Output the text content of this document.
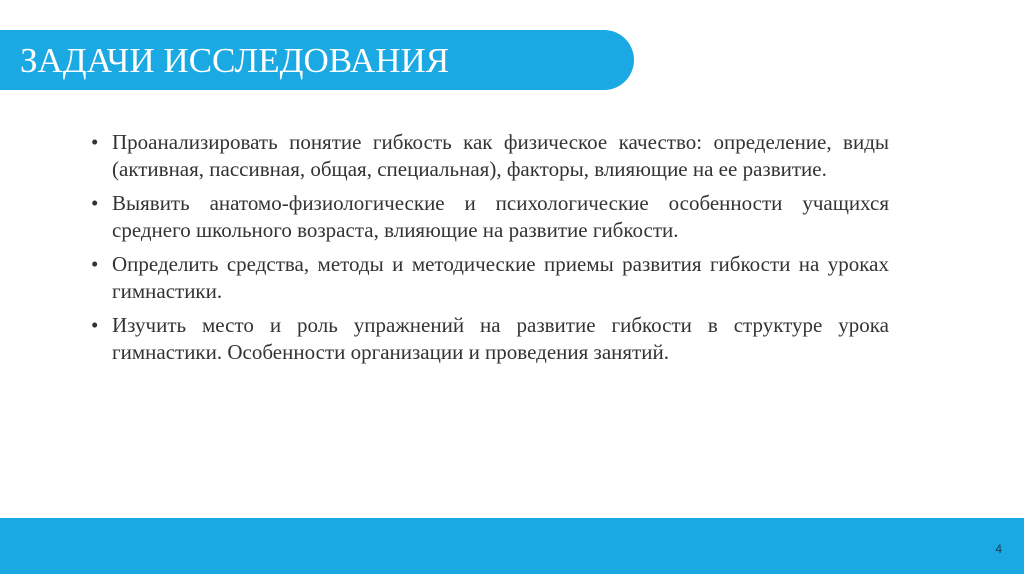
ЗАДАЧИ ИССЛЕДОВАНИЯ
• Проанализировать понятие гибкость как физическое качество: определение, виды (активная, пассивная, общая, специальная), факторы, влияющие на ее развитие.
• Выявить анатомо-физиологические и психологические особенности учащихся среднего школьного возраста, влияющие на развитие гибкости.
• Определить средства, методы и методические приемы развития гибкости на уроках гимнастики.
• Изучить место и роль упражнений на развитие гибкости в структуре урока гимнастики. Особенности организации и проведения занятий.
4
